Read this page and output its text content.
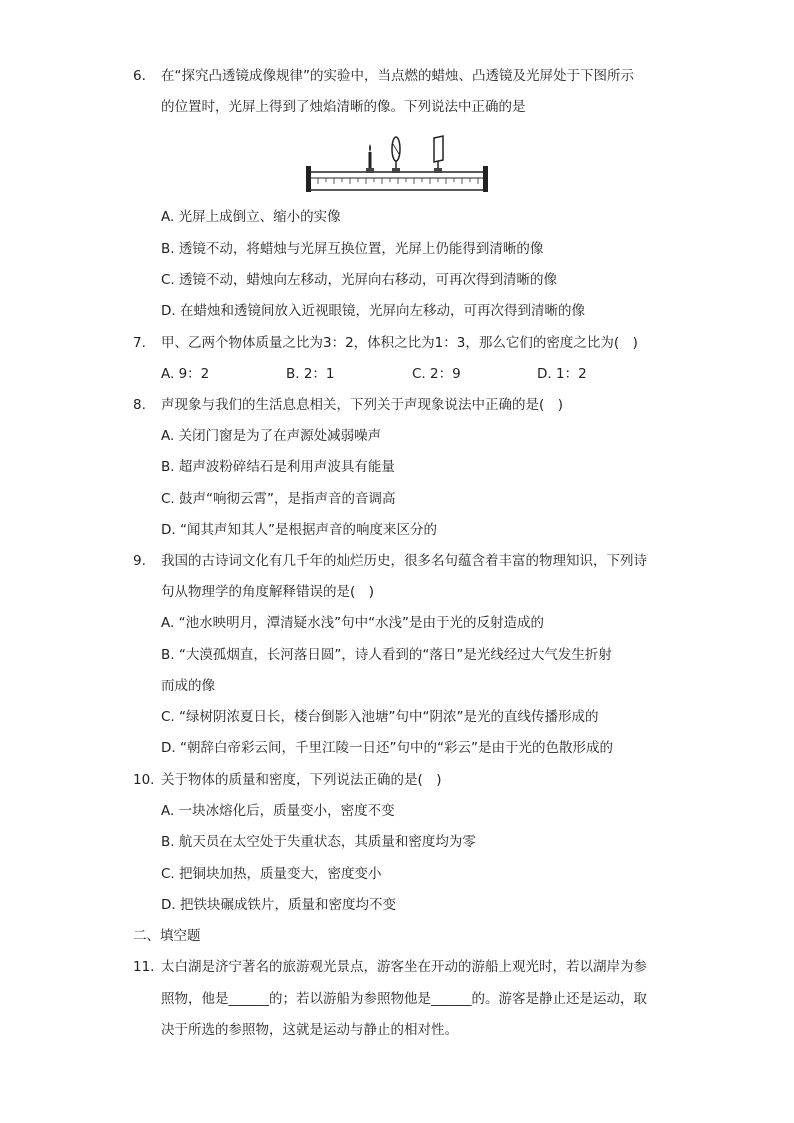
6. 在“探究凸透镜成像规律”的实验中，当点燃的蜡烛、凸透镜及光屏处于下图所示
的位置时，光屏上得到了烛焰清晰的像。下列说法中正确的是
A. 光屏上成倒立、缩小的实像
B. 透镜不动，将蜡烛与光屏互换位置，光屏上仍能得到清晰的像
C. 透镜不动，蜡烛向左移动，光屏向右移动，可再次得到清晰的像
D. 在蜡烛和透镜间放入近视眼镜，光屏向左移动，可再次得到清晰的像
7. 甲、乙两个物体质量之比为3：2，体积之比为1：3，那么它们的密度之比为(　)
A. 9：2	B. 2：1	C. 2：9	D. 1：2
8. 声现象与我们的生活息息相关，下列关于声现象说法中正确的是(　)
A. 关闭门窗是为了在声源处减弱噪声
B. 超声波粉碎结石是利用声波具有能量
C. 鼓声“响彻云霄”，是指声音的音调高
D. “闻其声知其人”是根据声音的响度来区分的
9. 我国的古诗词文化有几千年的灿烂历史，很多名句蕴含着丰富的物理知识，下列诗
句从物理学的角度解释错误的是(　)
A. “池水映明月，潭清疑水浅”句中“水浅”是由于光的反射造成的
B. “大漠孤烟直，长河落日圆”，诗人看到的“落日”是光线经过大气发生折射
而成的像
C. “绿树阴浓夏日长，楼台倒影入池塘”句中“阴浓”是光的直线传播形成的
D. “朝辞白帝彩云间，千里江陵一日还”句中的“彩云”是由于光的色散形成的
10. 关于物体的质量和密度，下列说法正确的是(　)
A. 一块冰熔化后，质量变小，密度不变
B. 航天员在太空处于失重状态，其质量和密度均为零
C. 把铜块加热，质量变大，密度变小
D. 把铁块碾成铁片，质量和密度均不变
二、填空题
11. 太白湖是济宁著名的旅游观光景点，游客坐在开动的游船上观光时，若以湖岸为参
照物，他是______的；若以游船为参照物他是______的。游客是静止还是运动，取
决于所选的参照物，这就是运动与静止的相对性。
